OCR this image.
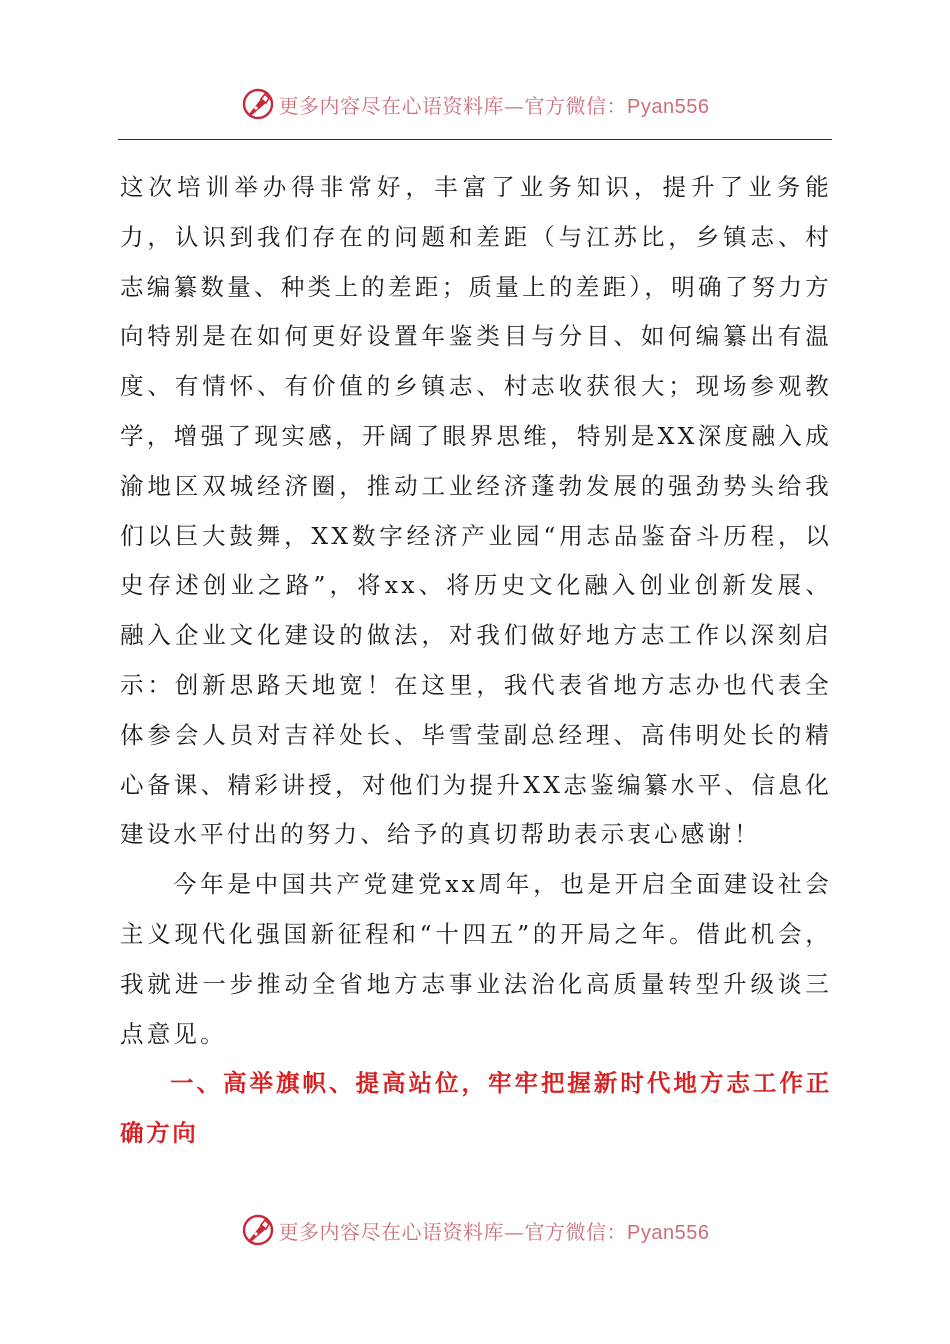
更多内容尽在心语资料库—官方微信：Pyan556

这次培训举办得非常好，丰富了业务知识，提升了业务能力，认识到我们存在的问题和差距（与江苏比，乡镇志、村志编纂数量、种类上的差距；质量上的差距），明确了努力方向特别是在如何更好设置年鉴类目与分目、如何编纂出有温度、有情怀、有价值的乡镇志、村志收获很大；现场参观教学，增强了现实感，开阔了眼界思维，特别是XX深度融入成渝地区双城经济圈，推动工业经济蓬勃发展的强劲势头给我们以巨大鼓舞，XX数字经济产业园“用志品鉴奋斗历程，以史存述创业之路”，将xx、将历史文化融入创业创新发展、融入企业文化建设的做法，对我们做好地方志工作以深刻启示：创新思路天地宽！在这里，我代表省地方志办也代表全体参会人员对吉祥处长、毕雪莹副总经理、高伟明处长的精心备课、精彩讲授，对他们为提升XX志鉴编纂水平、信息化建设水平付出的努力、给予的真切帮助表示衷心感谢！

今年是中国共产党建党xx周年，也是开启全面建设社会主义现代化强国新征程和“十四五”的开局之年。借此机会，我就进一步推动全省地方志事业法治化高质量转型升级谈三点意见。

一、高举旗帜、提高站位，牢牢把握新时代地方志工作正确方向

更多内容尽在心语资料库—官方微信：Pyan556
